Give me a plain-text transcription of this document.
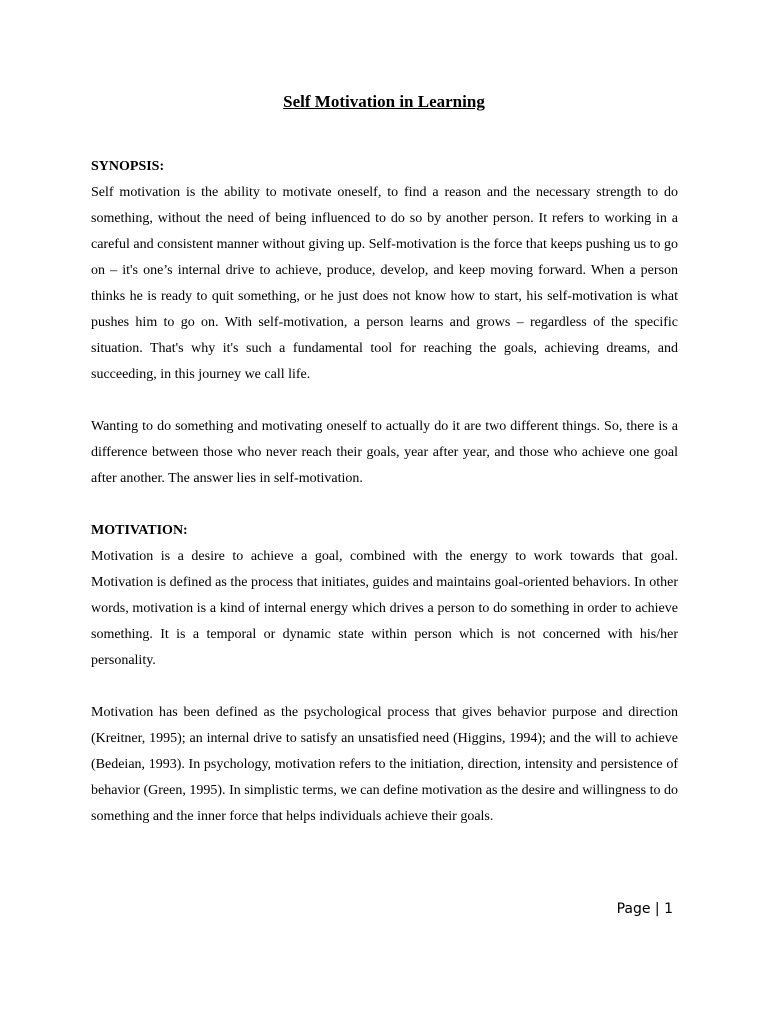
Self Motivation in Learning
SYNOPSIS:

Self motivation is the ability to motivate oneself, to find a reason and the necessary strength to do something, without the need of being influenced to do so by another person. It refers to working in a careful and consistent manner without giving up. Self-motivation is the force that keeps pushing us to go on – it's one’s internal drive to achieve, produce, develop, and keep moving forward. When a person thinks he is ready to quit something, or he just does not know how to start, his self-motivation is what pushes him to go on. With self-motivation, a person learns and grows – regardless of the specific situation. That's why it's such a fundamental tool for reaching the goals, achieving dreams, and succeeding, in this journey we call life.

Wanting to do something and motivating oneself to actually do it are two different things. So, there is a difference between those who never reach their goals, year after year, and those who achieve one goal after another. The answer lies in self-motivation.

MOTIVATION:

Motivation is a desire to achieve a goal, combined with the energy to work towards that goal. Motivation is defined as the process that initiates, guides and maintains goal-oriented behaviors. In other words, motivation is a kind of internal energy which drives a person to do something in order to achieve something. It is a temporal or dynamic state within person which is not concerned with his/her personality.

Motivation has been defined as the psychological process that gives behavior purpose and direction (Kreitner, 1995); an internal drive to satisfy an unsatisfied need (Higgins, 1994); and the will to achieve (Bedeian, 1993). In psychology, motivation refers to the initiation, direction, intensity and persistence of behavior (Green, 1995). In simplistic terms, we can define motivation as the desire and willingness to do something and the inner force that helps individuals achieve their goals.

Page | 1
